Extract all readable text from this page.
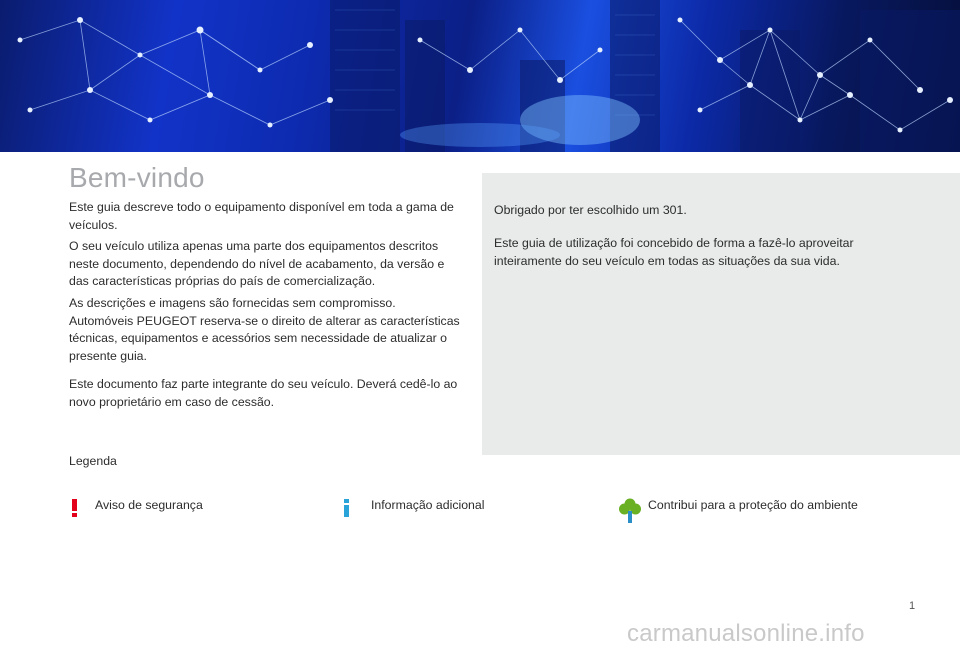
Bem-vindo

Este guia descreve todo o equipamento disponível em toda a gama de veículos.

O seu veículo utiliza apenas uma parte dos equipamentos descritos neste documento, dependendo do nível de acabamento, da versão e das características próprias do país de comercialização.

As descrições e imagens são fornecidas sem compromisso. Automóveis PEUGEOT reserva-se o direito de alterar as características técnicas, equipamentos e acessórios sem necessidade de atualizar o presente guia.

Este documento faz parte integrante do seu veículo. Deverá cedê-lo ao novo proprietário em caso de cessão.

Obrigado por ter escolhido um 301.

Este guia de utilização foi concebido de forma a fazê-lo aproveitar inteiramente do seu veículo em todas as situações da sua vida.

Legenda
Aviso de segurança	Informação adicional	Contribui para a proteção do ambiente
1
carmanualsonline.info
